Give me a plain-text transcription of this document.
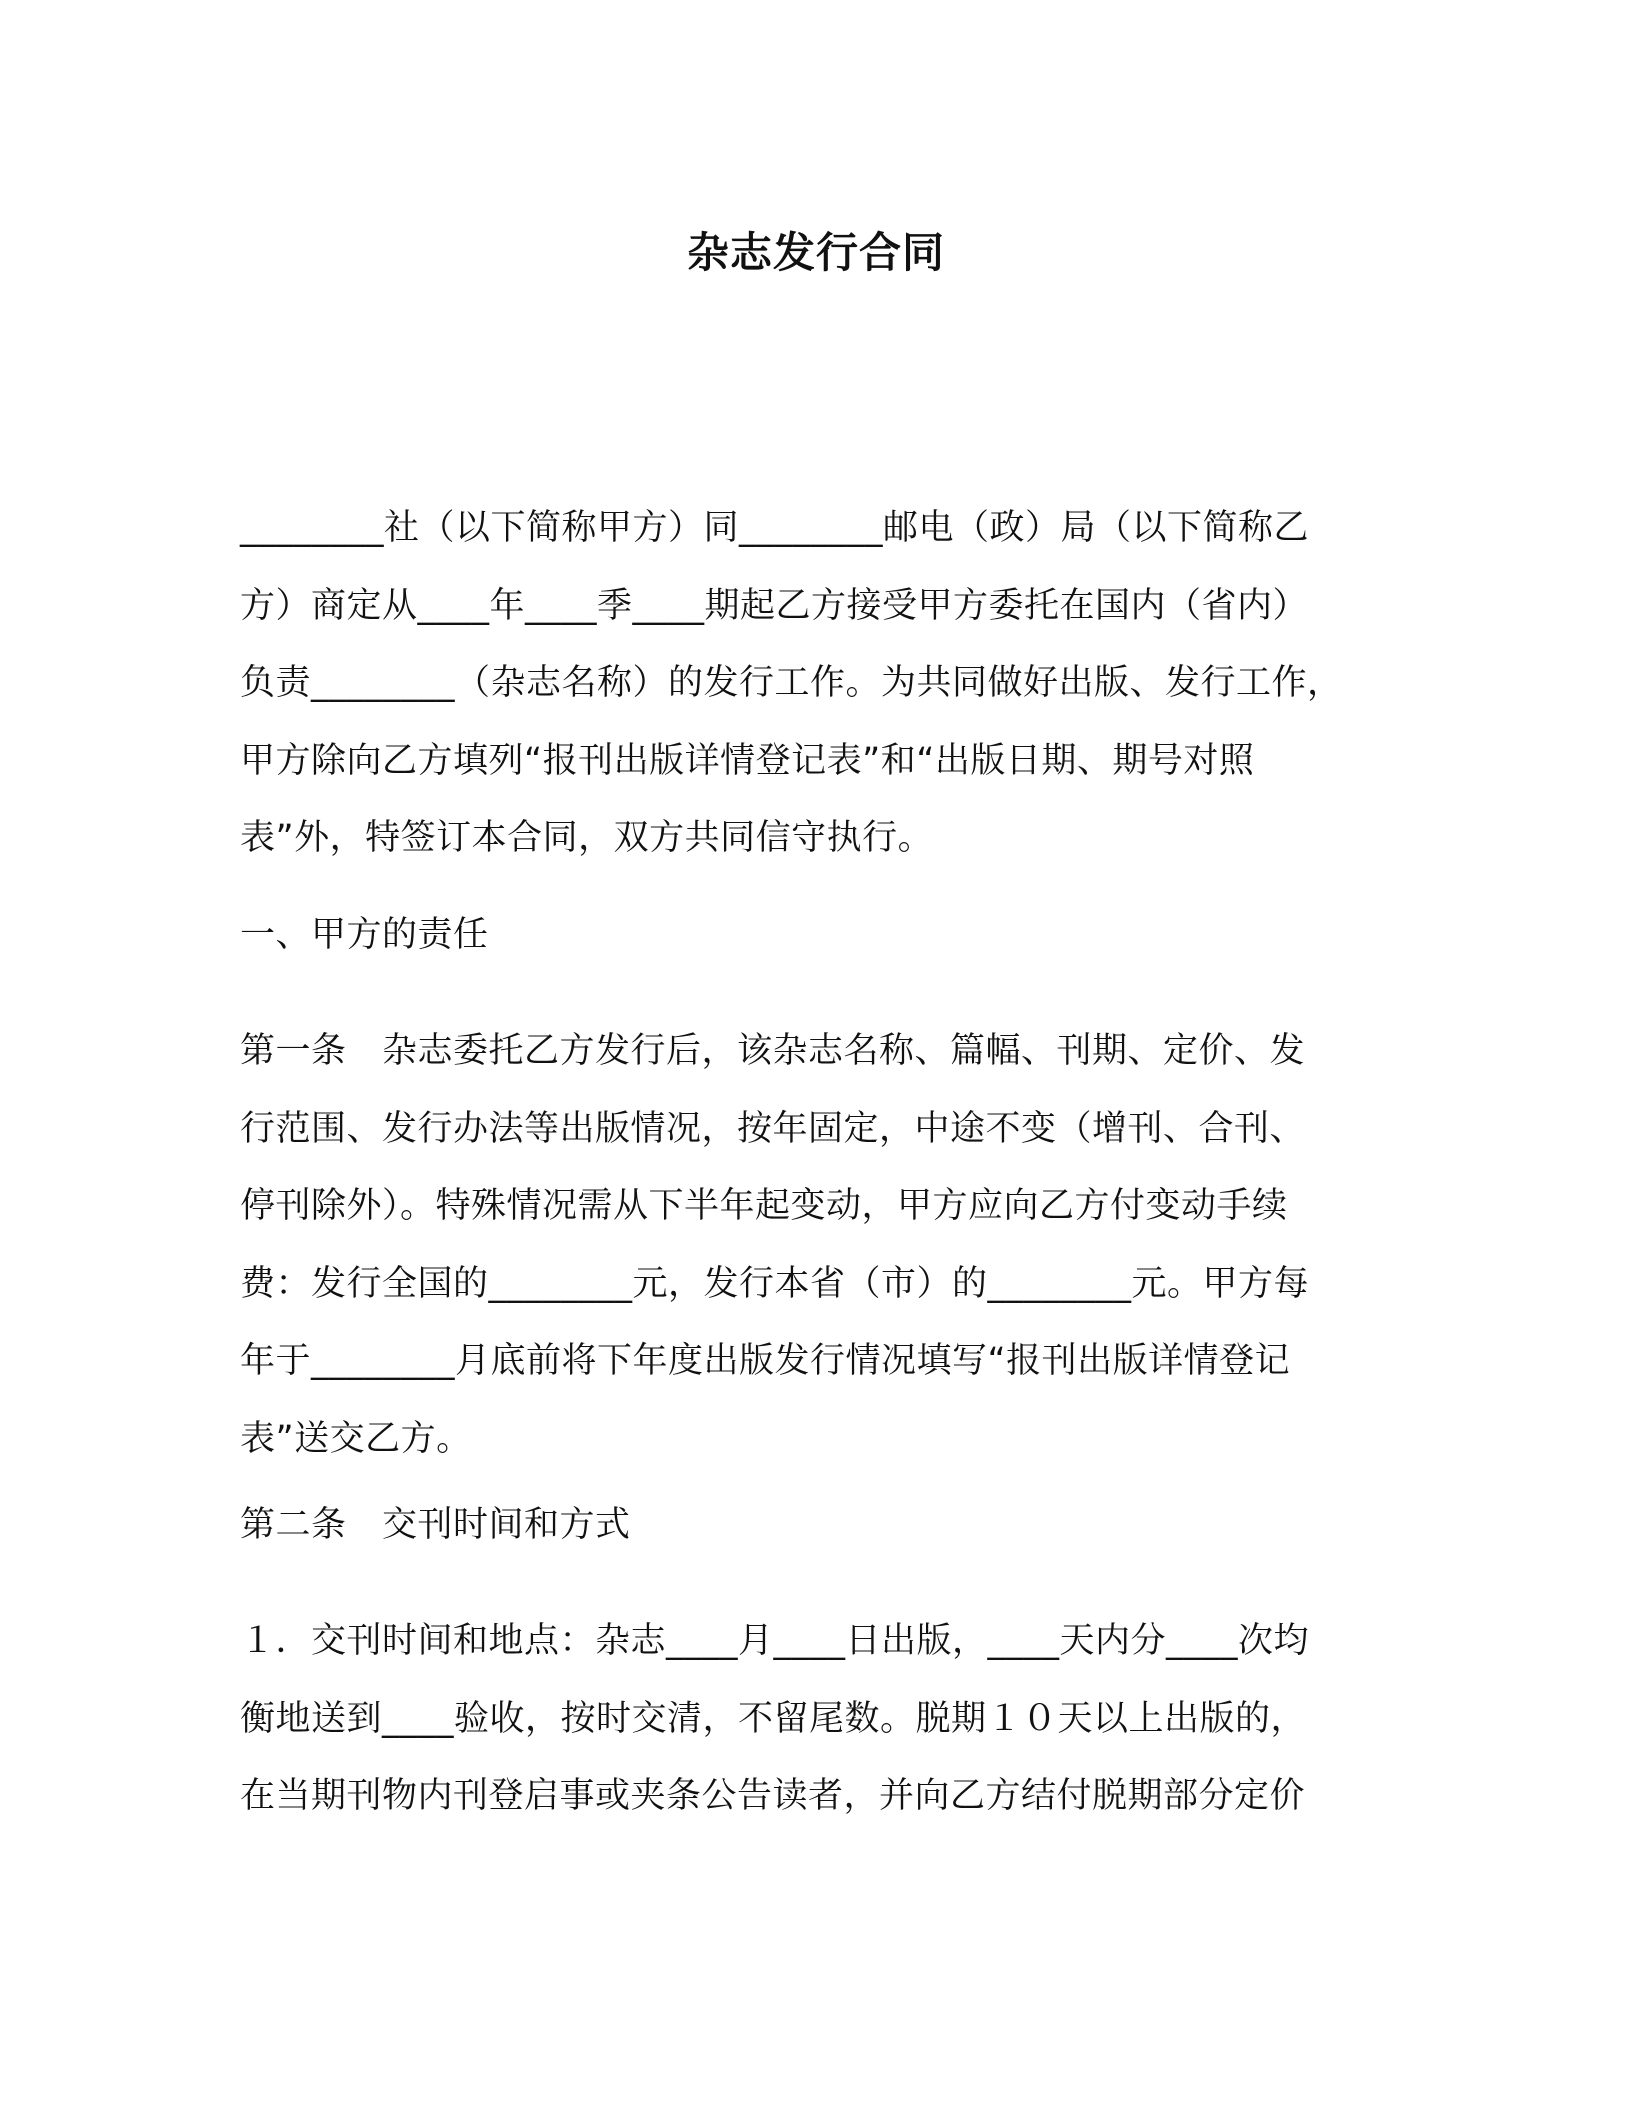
杂志发行合同
________社（以下简称甲方）同________邮电（政）局（以下简称乙
方）商定从____年____季____期起乙方接受甲方委托在国内（省内）
负责________（杂志名称）的发行工作。为共同做好出版、发行工作，
甲方除向乙方填列“报刊出版详情登记表”和“出版日期、期号对照
表”外，特签订本合同，双方共同信守执行。
一、甲方的责任
第一条　杂志委托乙方发行后，该杂志名称、篇幅、刊期、定价、发
行范围、发行办法等出版情况，按年固定，中途不变（增刊、合刊、
停刊除外）。特殊情况需从下半年起变动，甲方应向乙方付变动手续
费：发行全国的________元，发行本省（市）的________元。甲方每
年于________月底前将下年度出版发行情况填写“报刊出版详情登记
表”送交乙方。
第二条　交刊时间和方式
１．交刊时间和地点：杂志____月____日出版，____天内分____次均
衡地送到____验收，按时交清，不留尾数。脱期１０天以上出版的，
在当期刊物内刊登启事或夹条公告读者，并向乙方结付脱期部分定价
